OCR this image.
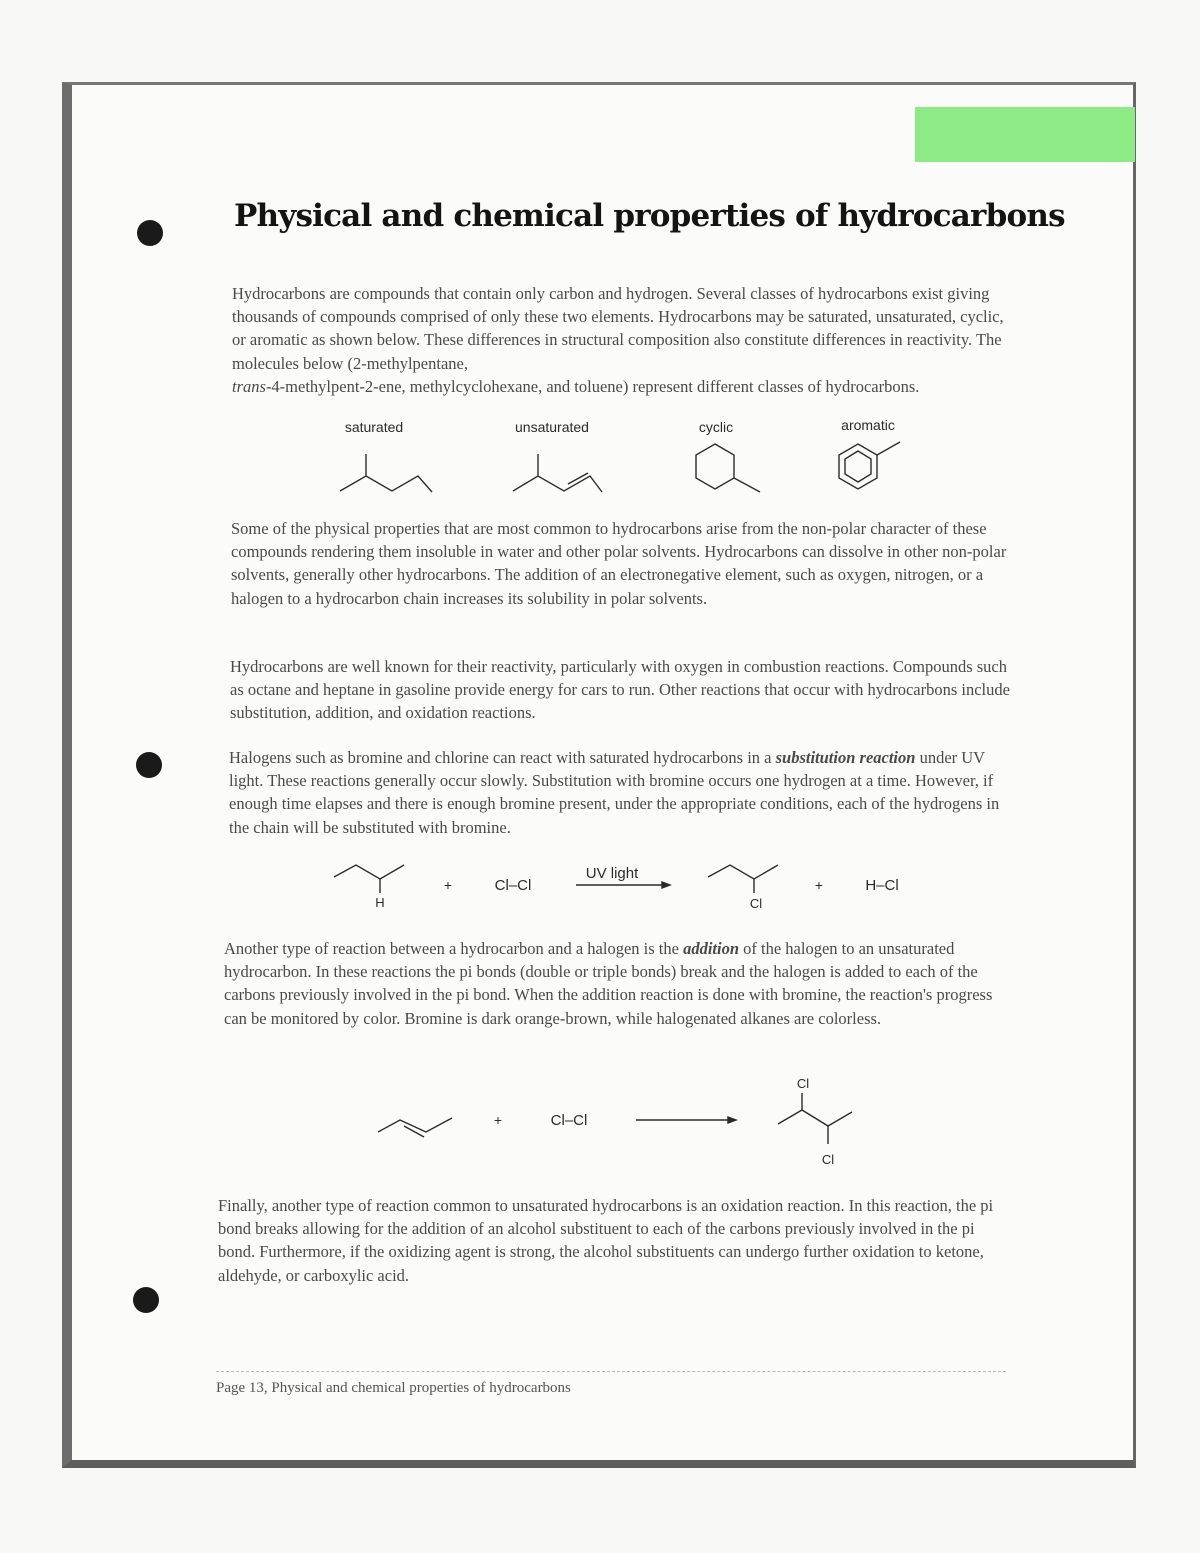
Physical and chemical properties of hydrocarbons

Hydrocarbons are compounds that contain only carbon and hydrogen. Several classes of hydrocarbons exist giving thousands of compounds comprised of only these two elements. Hydrocarbons may be saturated, unsaturated, cyclic, or aromatic as shown below. These differences in structural composition also constitute differences in reactivity. The molecules below (2-methylpentane,
trans-4-methylpent-2-ene, methylcyclohexane, and toluene) represent different classes of hydrocarbons.

saturated	unsaturated	cyclic	aromatic

Some of the physical properties that are most common to hydrocarbons arise from the non-polar character of these compounds rendering them insoluble in water and other polar solvents. Hydrocarbons can dissolve in other non-polar solvents, generally other hydrocarbons. The addition of an electronegative element, such as oxygen, nitrogen, or a halogen to a hydrocarbon chain increases its solubility in polar solvents.

Hydrocarbons are well known for their reactivity, particularly with oxygen in combustion reactions. Compounds such as octane and heptane in gasoline provide energy for cars to run. Other reactions that occur with hydrocarbons include substitution, addition, and oxidation reactions.

Halogens such as bromine and chlorine can react with saturated hydrocarbons in a substitution reaction under UV light. These reactions generally occur slowly. Substitution with bromine occurs one hydrogen at a time. However, if enough time elapses and there is enough bromine present, under the appropriate conditions, each of the hydrogens in the chain will be substituted with bromine.

H
+	Cl–Cl
UV light
Cl
+	H–Cl

Another type of reaction between a hydrocarbon and a halogen is the addition of the halogen to an unsaturated hydrocarbon. In these reactions the pi bonds (double or triple bonds) break and the halogen is added to each of the carbons previously involved in the pi bond. When the addition reaction is done with bromine, the reaction's progress can be monitored by color. Bromine is dark orange-brown, while halogenated alkanes are colorless.

+	Cl–Cl
Cl
Cl

Finally, another type of reaction common to unsaturated hydrocarbons is an oxidation reaction. In this reaction, the pi bond breaks allowing for the addition of an alcohol substituent to each of the carbons previously involved in the pi bond. Furthermore, if the oxidizing agent is strong, the alcohol substituents can undergo further oxidation to ketone, aldehyde, or carboxylic acid.

Page 13, Physical and chemical properties of hydrocarbons
